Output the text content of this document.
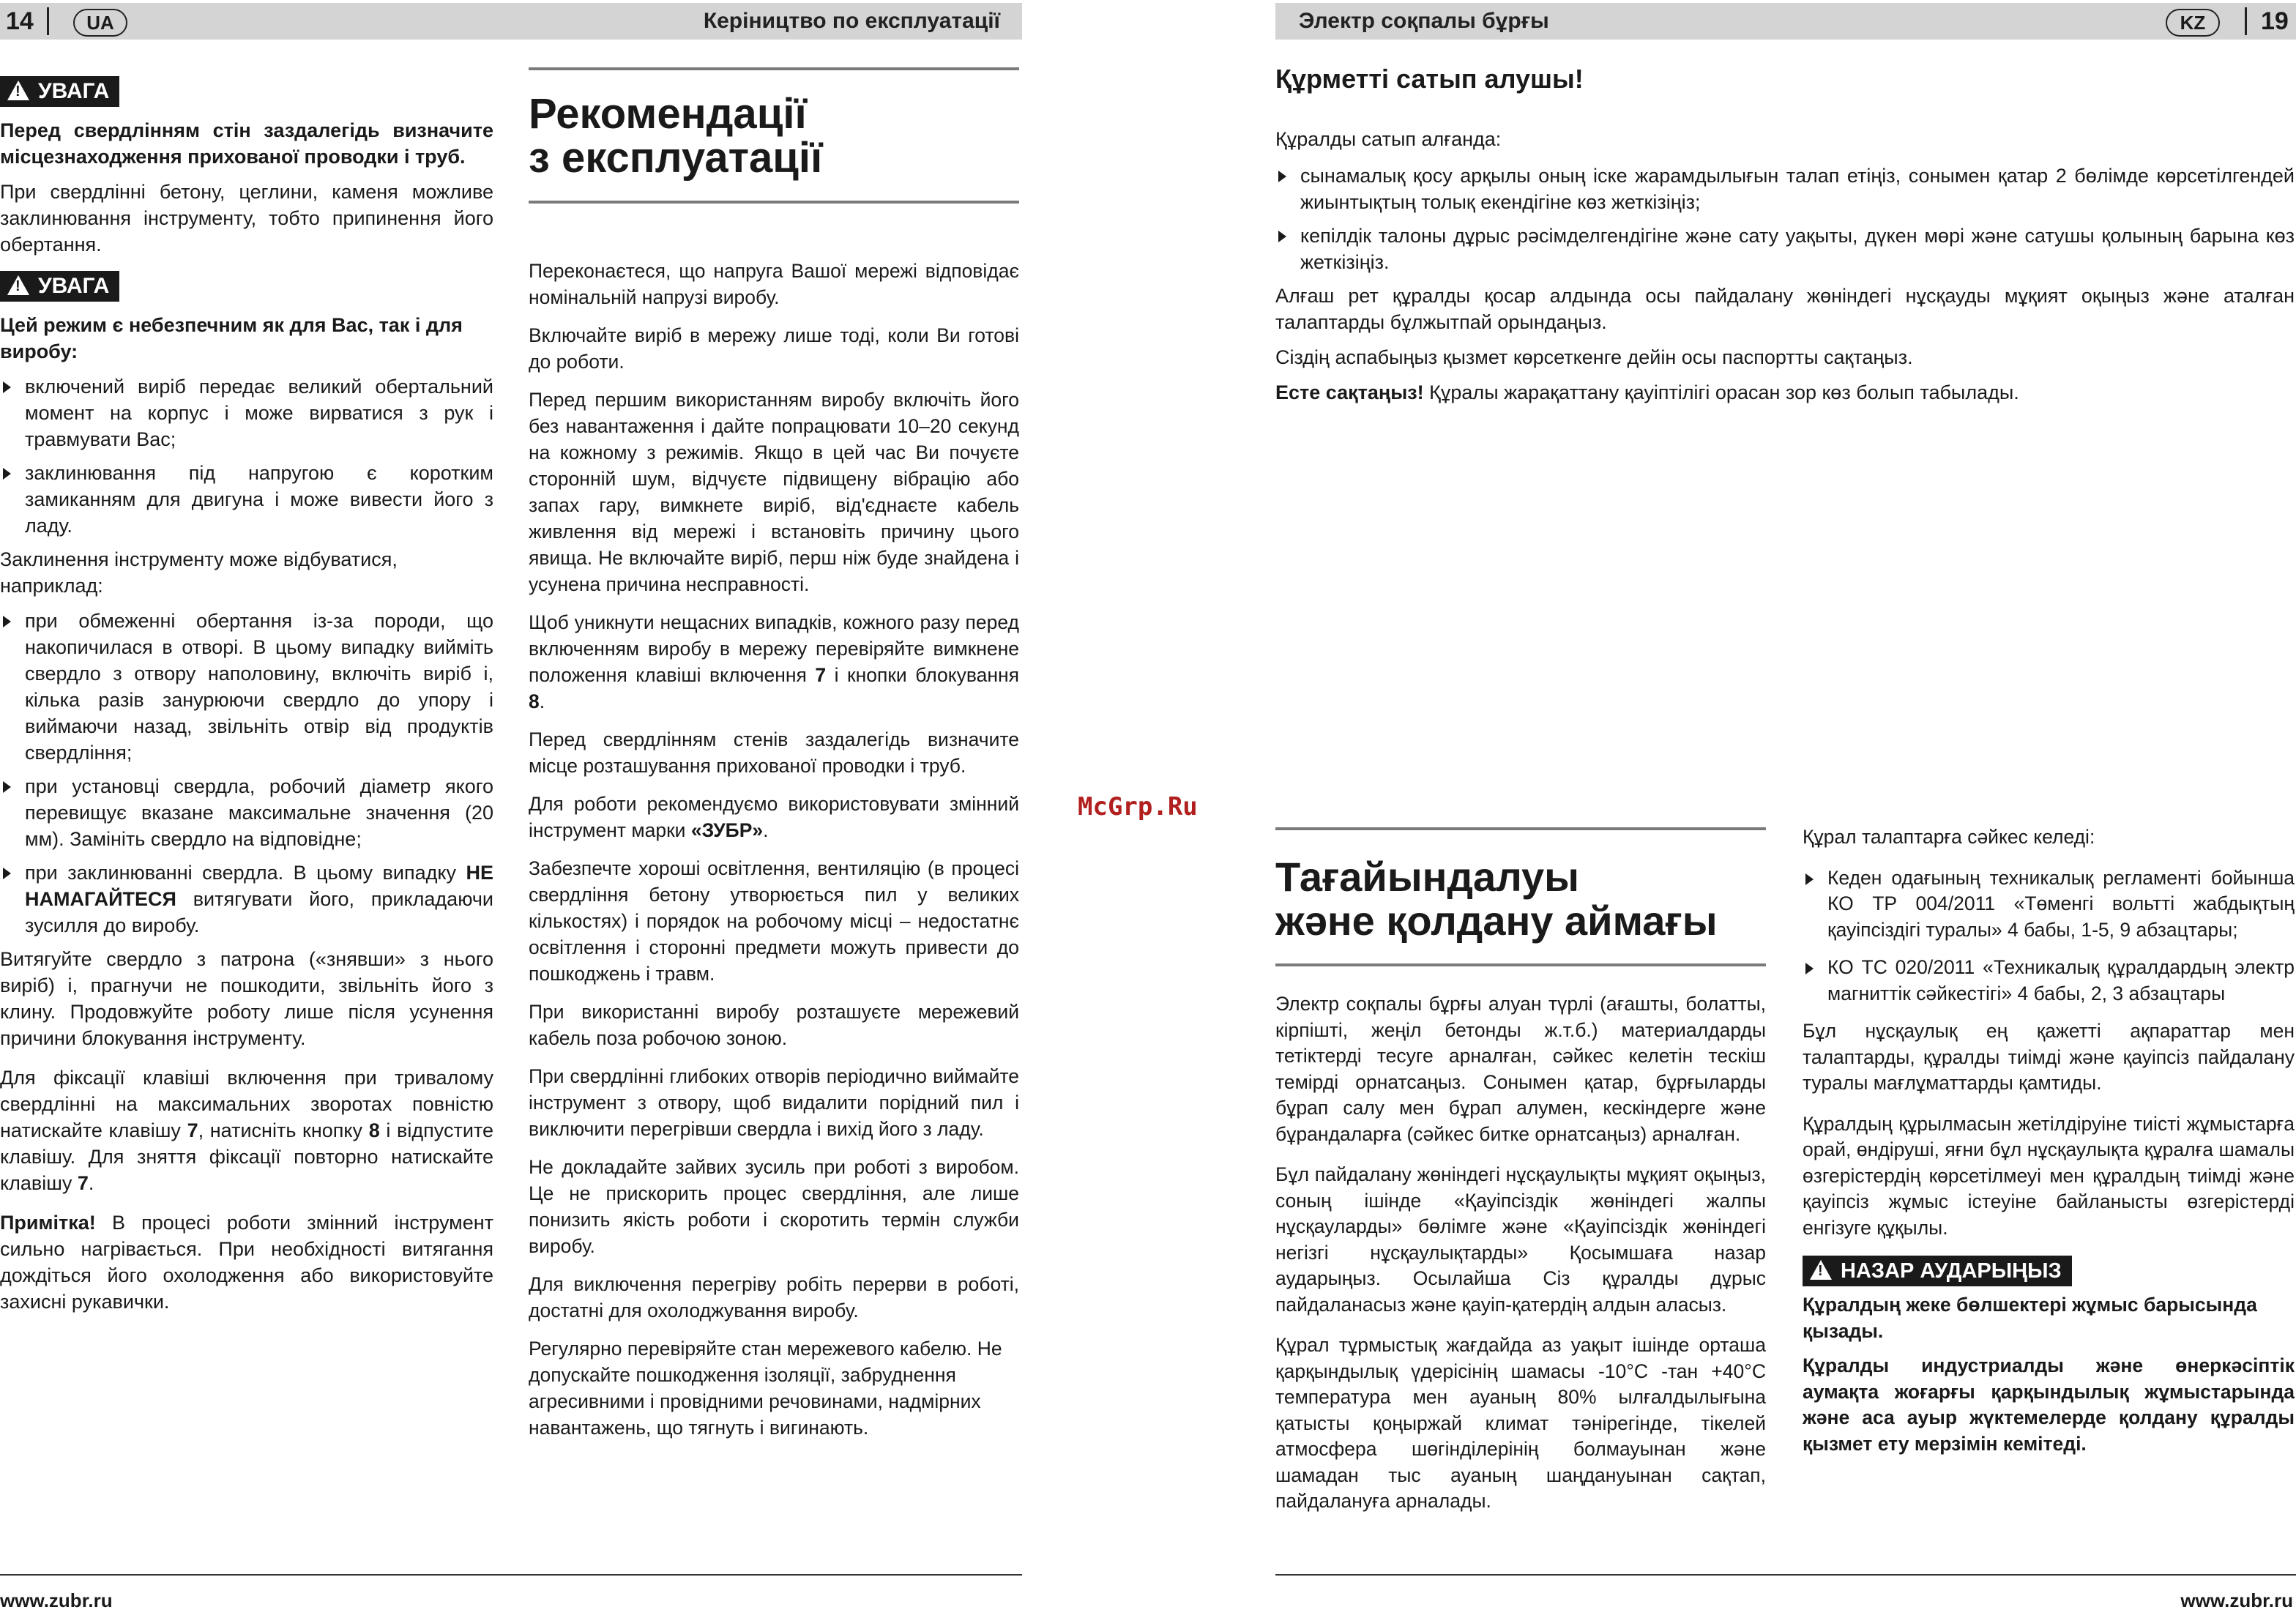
14	UA	Керіництво по експлуатації	Электр соқпалы бұрғы	KZ	19
!УВАГА

Перед свердлінням стін заздалегідь визначите місцезнаходження прихованої проводки і труб.

При свердлінні бетону, цеглини, каменя можливе заклинювання інструменту, тобто припинення його обертання.

!УВАГА

Цей режим є небезпечним як для Вас, так і для виробу:

включений виріб передає великий обертальний момент на корпус і може вирватися з рук і травмувати Вас;
заклинювання під напругою є коротким замиканням для двигуна і може вивести його з ладу.

Заклинення інструменту може відбуватися, наприклад:

при обмеженні обертання із-за породи, що накопичилася в отворі. В цьому випадку вийміть свердло з отвору наполовину, включіть виріб і, кілька разів занурюючи свердло до упору і виймаючи назад, звільніть отвір від продуктів свердління;
при установці свердла, робочий діаметр якого перевищує вказане максимальне значення (20 мм). Замініть свердло на відповідне;
при заклинюванні свердла. В цьому випадку НЕ НАМАГАЙТЕСЯ витягувати його, прикладаючи зусилля до виробу.

Витягуйте свердло з патрона («знявши» з нього виріб) і, прагнучи не пошкодити, звільніть його з клину. Продовжуйте роботу лише після усунення причини блокування інструменту.

Для фіксації клавіші включення при тривалому свердлінні на максимальних зворотах повністю натискайте клавішу 7, натисніть кнопку 8 і відпустите клавішу. Для зняття фіксації повторно натискайте клавішу 7.

Примітка! В процесі роботи змінний інструмент сильно нагрівається. При необхідності витягання дождіться його охолодження або використовуйте захисні рукавички.

Рекомендації
з експлуатації

Переконаєтеся, що напруга Вашої мережі відповідає номінальній напрузі виробу.

Включайте виріб в мережу лише тоді, коли Ви готові до роботи.

Перед першим використанням виробу включіть його без навантаження і дайте попрацювати 10–20 секунд на кожному з режимів. Якщо в цей час Ви почуєте сторонній шум, відчуєте підвищену вібрацію або запах гару, вимкнете виріб, від'єднаєте кабель живлення від мережі і встановіть причину цього явища. Не включайте виріб, перш ніж буде знайдена і усунена причина несправності.

Щоб уникнути нещасних випадків, кожного разу перед включенням виробу в мережу перевіряйте вимкнене положення клавіші включення 7 і кнопки блокування 8.

Перед свердлінням стенів заздалегідь визначите місце розташування прихованої проводки і труб.

Для роботи рекомендуємо використовувати змінний інструмент марки «ЗУБР».

Забезпечте хороші освітлення, вентиляцію (в процесі свердління бетону утворюється пил у великих кількостях) і порядок на робочому місці – недостатнє освітлення і сторонні предмети можуть привести до пошкоджень і травм.

При використанні виробу розташуєте мережевий кабель поза робочою зоною.

При свердлінні глибоких отворів періодично виймайте інструмент з отвору, щоб видалити порідний пил і виключити перегрівши свердла і вихід його з ладу.

Не докладайте зайвих зусиль при роботі з виробом. Це не прискорить процес свердління, але лише понизить якість роботи і скоротить термін служби виробу.

Для виключення перегріву робіть перерви в роботі, достатні для охолоджування виробу.

Регулярно перевіряйте стан мережевого кабелю. Не допускайте пошкодження ізоляції, забруднення агресивними і провідними речовинами, надмірних навантажень, що тягнуть і вигинають.

McGrp.Ru
Құрметті сатып алушы!

Құралды сатып алғанда:

сынамалық қосу арқылы оның іске жарамдылығын талап етіңіз, сонымен қатар 2 бөлімде көрсетілгендей жиынтықтың толық екендігіне көз жеткізіңіз;
кепілдік талоны дұрыс рәсімделгендігіне және сату уақыты, дүкен мөрі және сатушы қолының барына көз жеткізіңіз.

Алғаш рет құралды қосар алдында осы пайдалану жөніндегі нұсқауды мұқият оқыңыз және аталған талаптарды бұлжытпай орындаңыз.

Сіздің аспабыңыз қызмет көрсеткенге дейін осы паспортты сақтаңыз.

Есте сақтаңыз! Құралы жарақаттану қауіптілігі орасан зор көз болып табылады.

Тағайындалуы
және қолдану аймағы

Электр соқпалы бұрғы алуан түрлі (ағашты, болатты, кірпішті, жеңіл бетонды ж.т.б.) материалдарды тетіктерді тесуге арналған, сәйкес келетін тескіш темірді орнатсаңыз. Сонымен қатар, бұрғыларды бұрап салу мен бұрап алумен, кескіндерге және бұрандаларға (сәйкес битке орнатсаңыз) арналған.

Бұл пайдалану жөніндегі нұсқаулықты мұқият оқыңыз, соның ішінде «Қауіпсіздік жөніндегі жалпы нұсқауларды» бөлімге және «Қауіпсіздік жөніндегі негізгі нұсқаулықтарды» Қосымшаға назар аударыңыз. Осылайша Сіз құралды дұрыс пайдаланасыз және қауіп-қатердің алдын аласыз.

Құрал тұрмыстық жағдайда аз уақыт ішінде орташа қарқындылық үдерісінің шамасы -10°С -тан +40°С температура мен ауаның 80% ылғалдылығына қатысты қоңыржай климат тәнірегінде, тікелей атмосфера шөгінділерінің болмауынан және шамадан тыс ауаның шаңдануынан сақтап, пайдалануға арналады.

Құрал талаптарға сәйкес келеді:

Кеден одағының техникалық регламенті бойынша КО ТР 004/2011 «Төменгі вольтті жабдықтың қауіпсіздігі туралы» 4 бабы, 1-5, 9 абзацтары;
КО ТС 020/2011 «Техникалық құралдардың электр магниттік сәйкестігі» 4 бабы, 2, 3 абзацтары

Бұл нұсқаулық ең қажетті ақпараттар мен талаптарды, құралды тиімді және қауіпсіз пайдалану туралы мағлұматтарды қамтиды.

Құралдың құрылмасын жетілдіруіне тиісті жұмыстарға орай, өндіруші, яғни бұл нұсқаулықта құралға шамалы өзгерістердің көрсетілмеуі мен құралдың тиімді және қауіпсіз жұмыс істеуіне байланысты өзгерістерді енгізуге құқылы.

!НАЗАР АУДАРЫҢЫЗ

Құралдың жеке бөлшектері жұмыс барысында қызады.

Құралды индустриалды және өнеркәсіптік аумақта жоғарғы қарқындылық жұмыстарында және аса ауыр жүктемелерде қолдану құралды қызмет ету мерзімін кемітеді.

www.zubr.ru	www.zubr.ru
